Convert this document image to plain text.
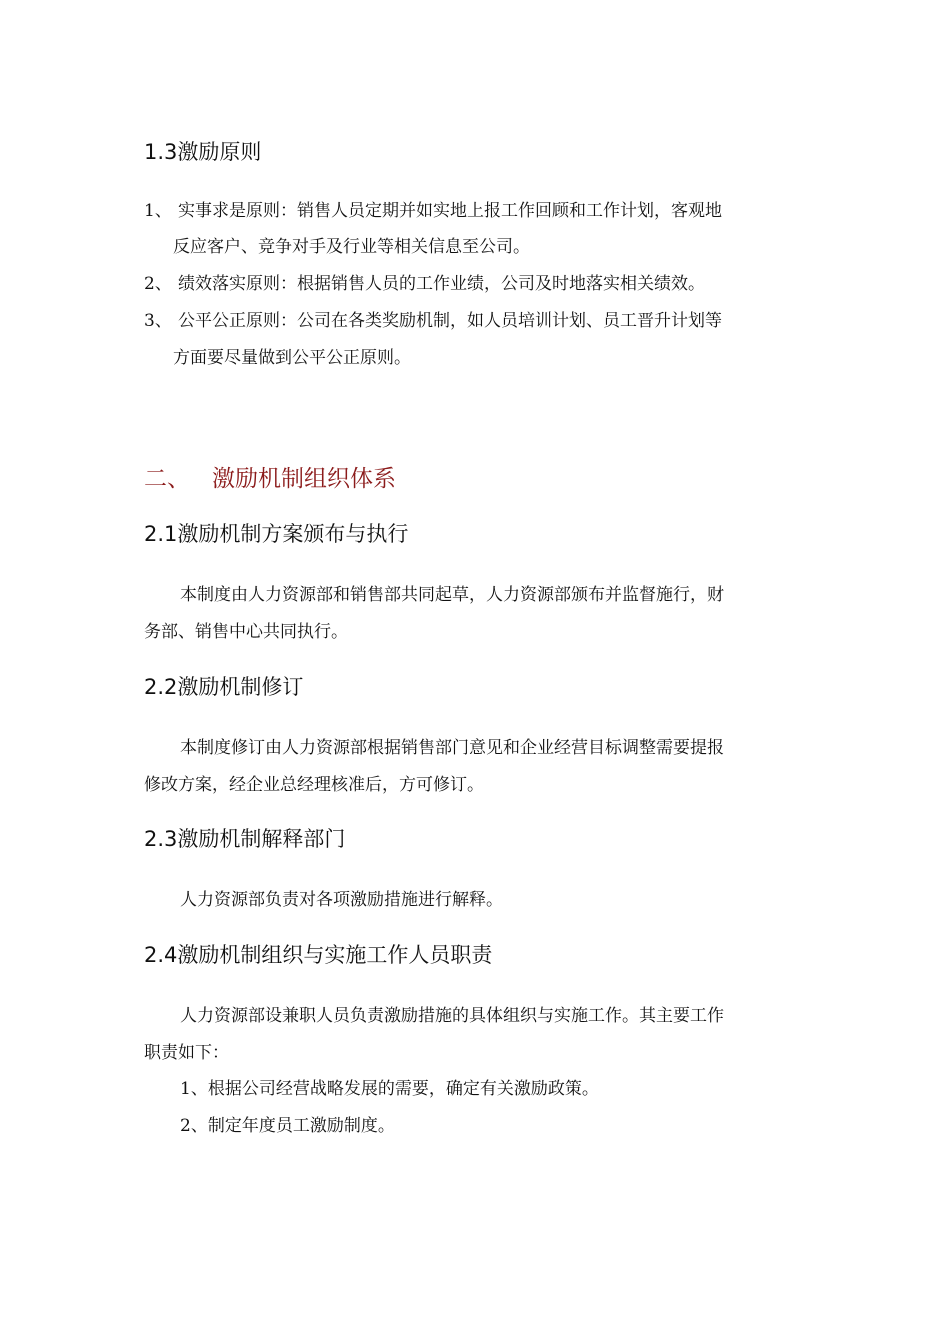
1.3激励原则
1、 实事求是原则：销售人员定期并如实地上报工作回顾和工作计划，客观地
反应客户、竞争对手及行业等相关信息至公司。
2、 绩效落实原则：根据销售人员的工作业绩，公司及时地落实相关绩效。
3、 公平公正原则：公司在各类奖励机制，如人员培训计划、员工晋升计划等
方面要尽量做到公平公正原则。
二、 激励机制组织体系
2.1激励机制方案颁布与执行
本制度由人力资源部和销售部共同起草，人力资源部颁布并监督施行，财
务部、销售中心共同执行。
2.2激励机制修订
本制度修订由人力资源部根据销售部门意见和企业经营目标调整需要提报
修改方案，经企业总经理核准后，方可修订。
2.3激励机制解释部门
人力资源部负责对各项激励措施进行解释。
2.4激励机制组织与实施工作人员职责
人力资源部设兼职人员负责激励措施的具体组织与实施工作。其主要工作
职责如下：
1、根据公司经营战略发展的需要，确定有关激励政策。
2、制定年度员工激励制度。
